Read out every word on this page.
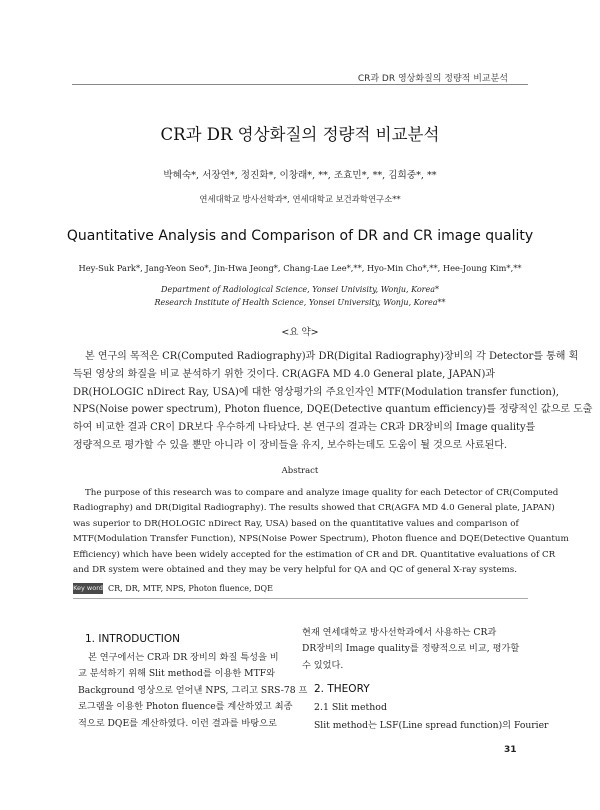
CR과 DR 영상화질의 정량적 비교분석
CR과 DR 영상화질의 정량적 비교분석
박혜숙*, 서장연*, 정진화*, 이창래*, **, 조효민*, **, 김희중*, **
연세대학교 방사선학과*, 연세대학교 보건과학연구소**
Quantitative Analysis and Comparison of DR and CR image quality
Hey-Suk Park*, Jang-Yeon Seo*, Jin-Hwa Jeong*, Chang-Lae Lee*,**, Hyo-Min Cho*,**, Hee-Joung Kim*,**
Department of Radiological Science, Yonsei Univisity, Wonju, Korea*
Research Institute of Health Science, Yonsei University, Wonju, Korea**
<요 약>
본 연구의 목적은 CR(Computed Radiography)과 DR(Digital Radiography)장비의 각 Detector를 통해 획
득된 영상의 화질을 비교 분석하기 위한 것이다. CR(AGFA MD 4.0 General plate, JAPAN)과
DR(HOLOGIC nDirect Ray, USA)에 대한 영상평가의 주요인자인 MTF(Modulation transfer function),
NPS(Noise power spectrum), Photon fluence, DQE(Detective quantum efficiency)를 정량적인 값으로 도출
하여 비교한 결과 CR이 DR보다 우수하게 나타났다. 본 연구의 결과는 CR과 DR장비의 Image quality를
정량적으로 평가할 수 있을 뿐만 아니라 이 장비들을 유지, 보수하는데도 도움이 될 것으로 사료된다.
Abstract
The purpose of this research was to compare and analyze image quality for each Detector of CR(Computed
Radiography) and DR(Digital Radiography). The results showed that CR(AGFA MD 4.0 General plate, JAPAN)
was superior to DR(HOLOGIC nDirect Ray, USA) based on the quantitative values and comparison of
MTF(Modulation Transfer Function), NPS(Noise Power Spectrum), Photon fluence and DQE(Detective Quantum
Efficiency) which have been widely accepted for the estimation of CR and DR. Quantitative evaluations of CR
and DR system were obtained and they may be very helpful for QA and QC of general X-ray systems.
Key word CR, DR, MTF, NPS, Photon fluence, DQE
1. INTRODUCTION
본 연구에서는 CR과 DR 장비의 화질 특성을 비
교 분석하기 위해 Slit method를 이용한 MTF와
Background 영상으로 얻어낸 NPS, 그리고 SRS-78 프
로그램을 이용한 Photon fluence를 계산하였고 최종
적으로 DQE를 계산하였다. 이런 결과를 바탕으로
현재 연세대학교 방사선학과에서 사용하는 CR과
DR장비의 Image quality를 정량적으로 비교, 평가할
수 있었다.
2. THEORY
2.1 Slit method
Slit method는 LSF(Line spread function)의 Fourier
31
